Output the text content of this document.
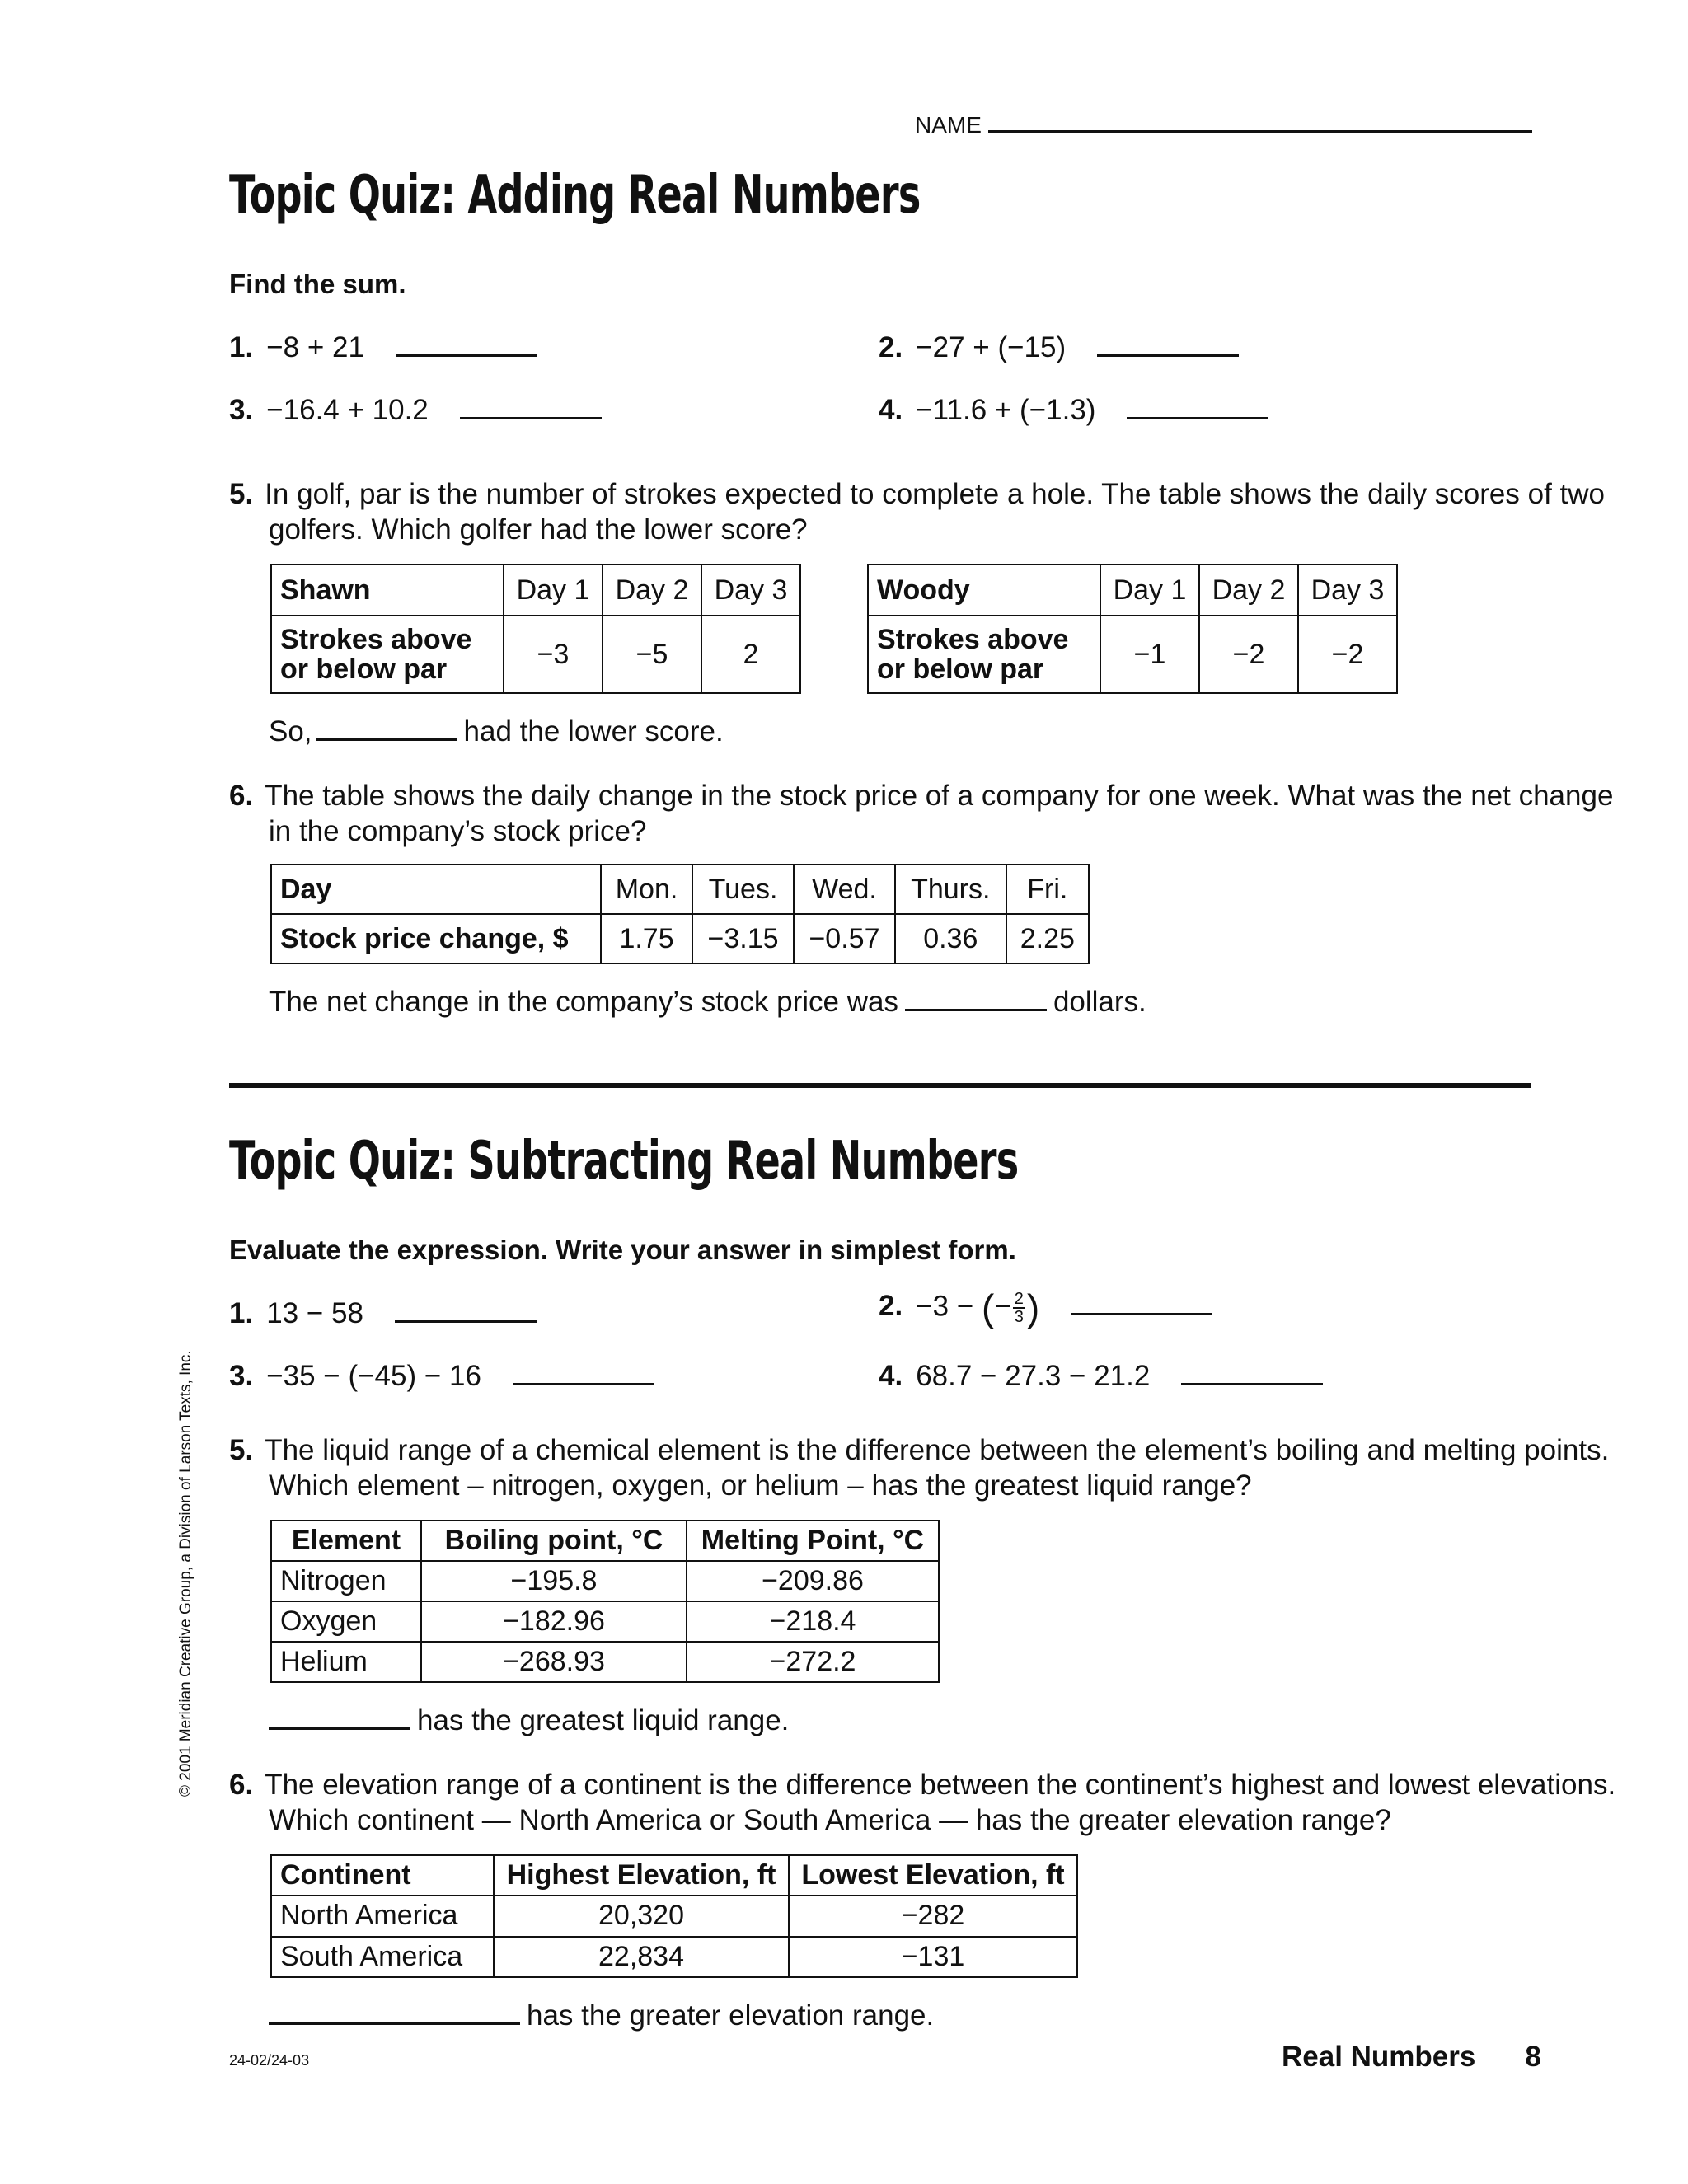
NAME
Topic Quiz: Adding Real Numbers
Find the sum.
1. −8 + 21	2. −27 + (−15)
3. −16.4 + 10.2	4. −11.6 + (−1.3)
5. In golf, par is the number of strokes expected to complete a hole. The table shows the daily scores of two
golfers. Which golfer had the lower score?
Shawn	Day 1	Day 2	Day 3
Strokes above
or below par	−3	−5	2
Woody	Day 1	Day 2	Day 3
Strokes above
or below par	−1	−2	−2
So,	had the lower score.
6. The table shows the daily change in the stock price of a company for one week. What was the net change
in the company’s stock price?
Day	Mon.	Tues.	Wed.	Thurs.	Fri.
Stock price change, $	1.75	−3.15	−0.57	0.36	2.25
The net change in the company’s stock price was	dollars.
Topic Quiz: Subtracting Real Numbers
Evaluate the expression. Write your answer in simplest form.
1. 13 − 58	2. −3 − (− $\frac{2}{3}$ )
3. −35 − (−45) − 16	4. 68.7 − 27.3 − 21.2
5. The liquid range of a chemical element is the difference between the element’s boiling and melting points.
Which element – nitrogen, oxygen, or helium – has the greatest liquid range?
Element	Boiling point, °C	Melting Point, °C
Nitrogen	−195.8	−209.86
Oxygen	−182.96	−218.4
Helium	−268.93	−272.2
has the greatest liquid range.
6. The elevation range of a continent is the difference between the continent’s highest and lowest elevations.
Which continent — North America or South America — has the greater elevation range?
Continent	Highest Elevation, ft	Lowest Elevation, ft
North America	20,320	−282
South America	22,834	−131
has the greater elevation range.
© 2001 Meridian Creative Group, a Division of Larson Texts, Inc.
24-02/24-03	Real Numbers 8
